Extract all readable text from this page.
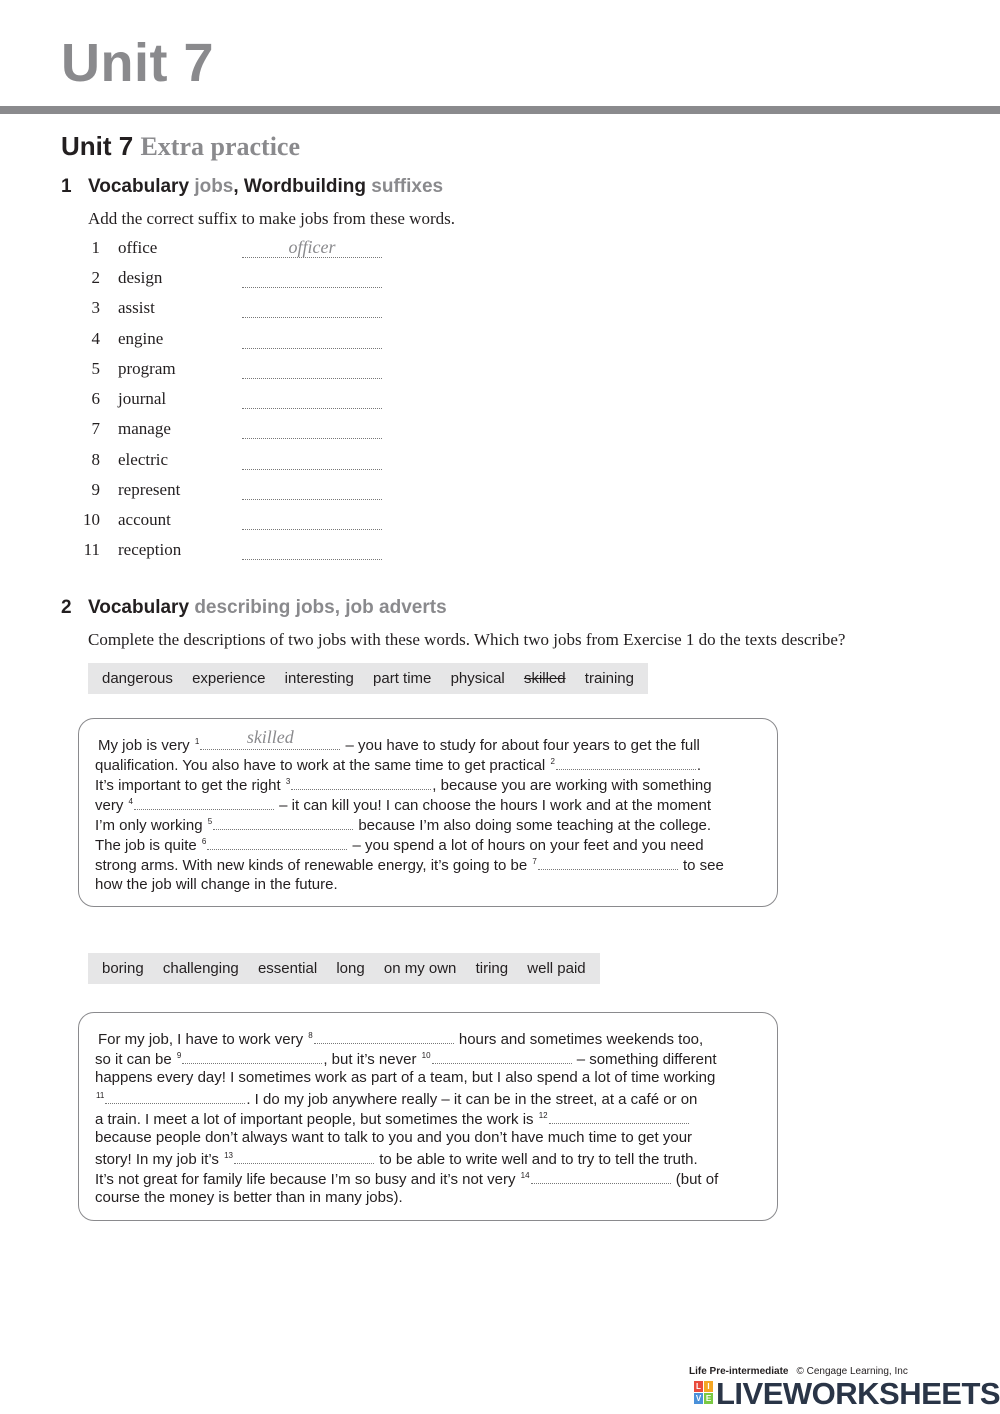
Unit 7
Unit 7 Extra practice
1 Vocabulary jobs, Wordbuilding suffixes
Add the correct suffix to make jobs from these words.
1 office	officer
2 design
3 assist
4 engine
5 program
6 journal
7 manage
8 electric
9 represent
10 account
11 reception
2 Vocabulary describing jobs, job adverts
Complete the descriptions of two jobs with these words. Which two jobs from Exercise 1 do the texts describe?
dangerous experience interesting part time physical skilled training
My job is very $^1$	skilled	– you have to study for about four years to get the full
qualification. You also have to work at the same time to get practical $^2$	.
It’s important to get the right $^3$	, because you are working with something
very $^4$	– it can kill you! I can choose the hours I work and at the moment
I’m only working $^5$	because I’m also doing some teaching at the college.
The job is quite $^6$	– you spend a lot of hours on your feet and you need
strong arms. With new kinds of renewable energy, it’s going to be $^7$	to see
how the job will change in the future.
boring challenging essential long on my own tiring well paid
For my job, I have to work very $^8$	hours and sometimes weekends too,
so it can be $^9$	, but it’s never $^{10}$	– something different
happens every day! I sometimes work as part of a team, but I also spend a lot of time working
$^{11}$	. I do my job anywhere really – it can be in the street, at a café or on
a train. I meet a lot of important people, but sometimes the work is $^{12}$
because people don’t always want to talk to you and you don’t have much time to get your
story! In my job it’s $^{13}$	to be able to write well and to try to tell the truth.
It’s not great for family life because I’m so busy and it’s not very $^{14}$	(but of
course the money is better than in many jobs).
Life Pre-intermediate © Cengage Learning, Inc
L I
V E LIVEWORKSHEETS
